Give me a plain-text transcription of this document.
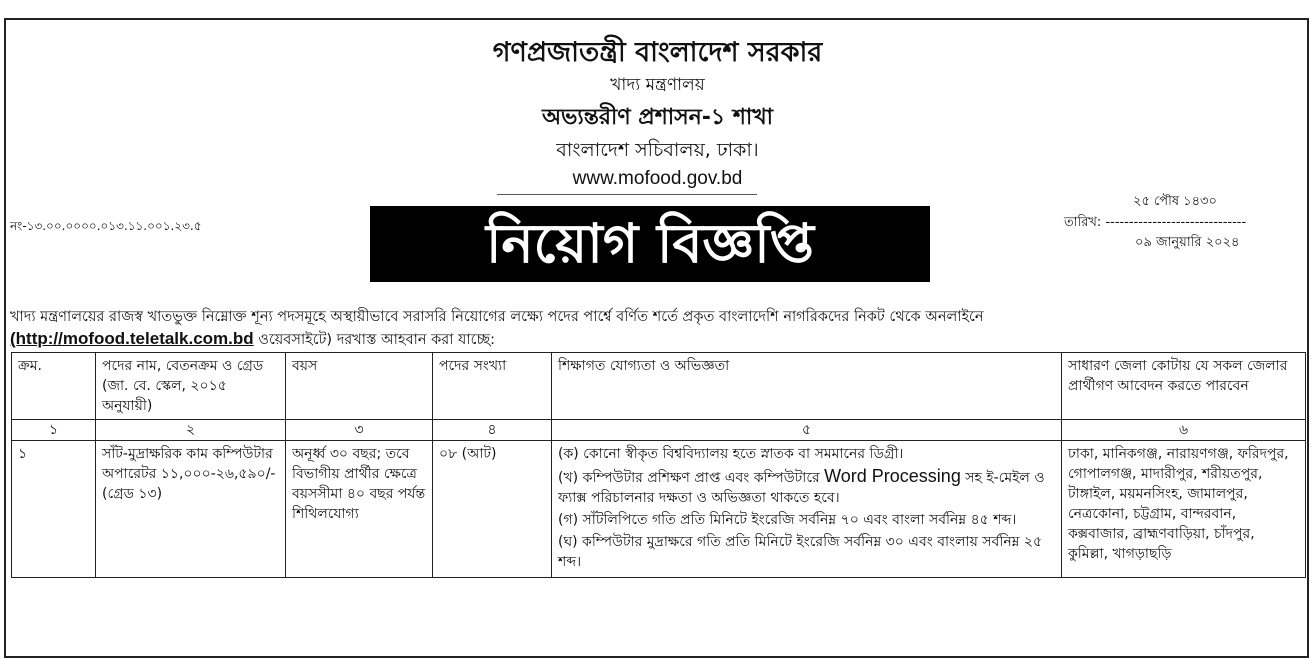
গণপ্রজাতন্ত্রী বাংলাদেশ সরকার
খাদ্য মন্ত্রণালয়
অভ্যন্তরীণ প্রশাসন-১ শাখা
বাংলাদেশ সচিবালয়, ঢাকা।
www.mofood.gov.bd
নং-১৩.০০.০০০০.০১৩.১১.০০১.২৩.৫
২৫ পৌষ ১৪৩০
তারিখ: ------------------------------
০৯ জানুয়ারি ২০২৪
নিয়োগ বিজ্ঞপ্তি
খাদ্য মন্ত্রণালয়ের রাজস্ব খাতভুক্ত নিম্নোক্ত শূন্য পদসমূহে অস্থায়ীভাবে সরাসরি নিয়োগের লক্ষ্যে পদের পার্শ্বে বর্ণিত শর্তে প্রকৃত বাংলাদেশি নাগরিকদের নিকট থেকে অনলাইনে
(http://mofood.teletalk.com.bd ওয়েবসাইটে) দরখাস্ত আহবান করা যাচ্ছে:
ক্রম.	পদের নাম, বেতনক্রম ও গ্রেড (জা. বে. স্কেল, ২০১৫ অনুযায়ী)	বয়স	পদের সংখ্যা	শিক্ষাগত যোগ্যতা ও অভিজ্ঞতা	সাধারণ জেলা কোটায় যে সকল জেলার প্রার্থীগণ আবেদন করতে পারবেন
১	২	৩	৪	৫	৬
১	সাঁট-মুদ্রাক্ষরিক কাম কম্পিউটার অপারেটর ১১,০০০-২৬,৫৯০/- (গ্রেড ১৩)	অনূর্ধ্ব ৩০ বছর; তবে বিভাগীয় প্রার্থীর ক্ষেত্রে বয়সসীমা ৪০ বছর পর্যন্ত শিথিলযোগ্য	০৮ (আট)	(ক) কোনো স্বীকৃত বিশ্ববিদ্যালয় হতে স্নাতক বা সমমানের ডিগ্রী।

(খ) কম্পিউটার প্রশিক্ষণ প্রাপ্ত এবং কম্পিউটারে Word Processing সহ ই-মেইল ও ফ্যাক্স পরিচালনার দক্ষতা ও অভিজ্ঞতা থাকতে হবে।

(গ) সাঁটলিপিতে গতি প্রতি মিনিটে ইংরেজি সর্বনিম্ন ৭০ এবং বাংলা সর্বনিম্ন ৪৫ শব্দ।

(ঘ) কম্পিউটার মুদ্রাক্ষরে গতি প্রতি মিনিটে ইংরেজি সর্বনিম্ন ৩০ এবং বাংলায় সর্বনিম্ন ২৫ শব্দ।	ঢাকা, মানিকগঞ্জ, নারায়ণগঞ্জ, ফরিদপুর, গোপালগঞ্জ, মাদারীপুর, শরীয়তপুর, টাঙ্গাইল, ময়মনসিংহ, জামালপুর, নেত্রকোনা, চট্টগ্রাম, বান্দরবান, কক্সবাজার, ব্রাহ্মণবাড়িয়া, চাঁদপুর, কুমিল্লা, খাগড়াছড়ি
